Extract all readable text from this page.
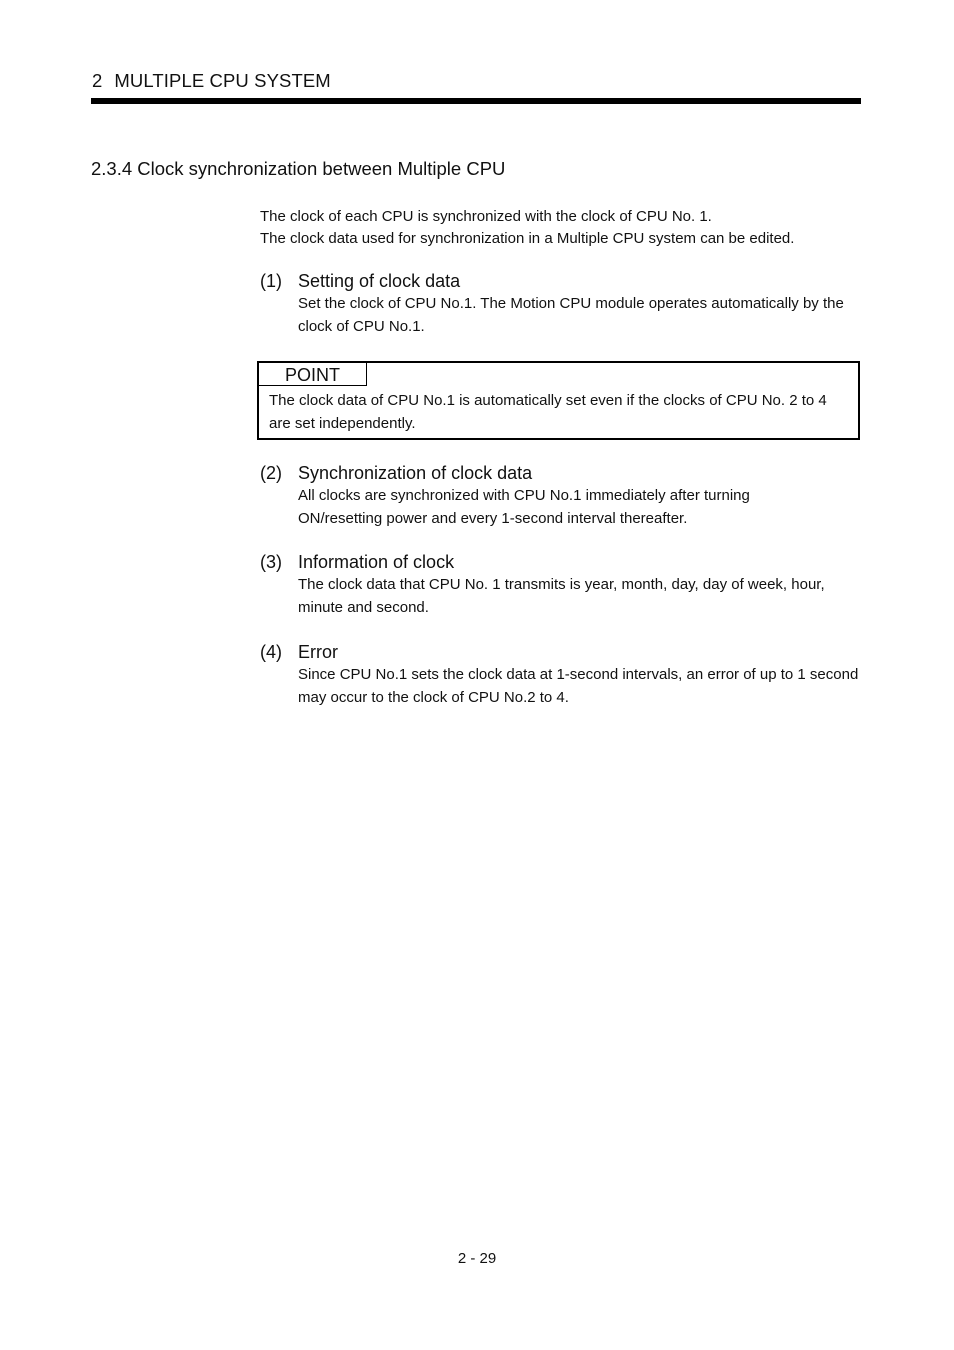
2 MULTIPLE CPU SYSTEM
2.3.4 Clock synchronization between Multiple CPU
The clock of each CPU is synchronized with the clock of CPU No. 1.
The clock data used for synchronization in a Multiple CPU system can be edited.
(1) Setting of clock data
Set the clock of CPU No.1. The Motion CPU module operates automatically by the clock of CPU No.1.
POINT
The clock data of CPU No.1 is automatically set even if the clocks of CPU No. 2 to 4 are set independently.
(2) Synchronization of clock data
All clocks are synchronized with CPU No.1 immediately after turning
ON/resetting power and every 1-second interval thereafter.
(3) Information of clock
The clock data that CPU No. 1 transmits is year, month, day, day of week, hour, minute and second.
(4) Error
Since CPU No.1 sets the clock data at 1-second intervals, an error of up to 1 second may occur to the clock of CPU No.2 to 4.
2 - 29
